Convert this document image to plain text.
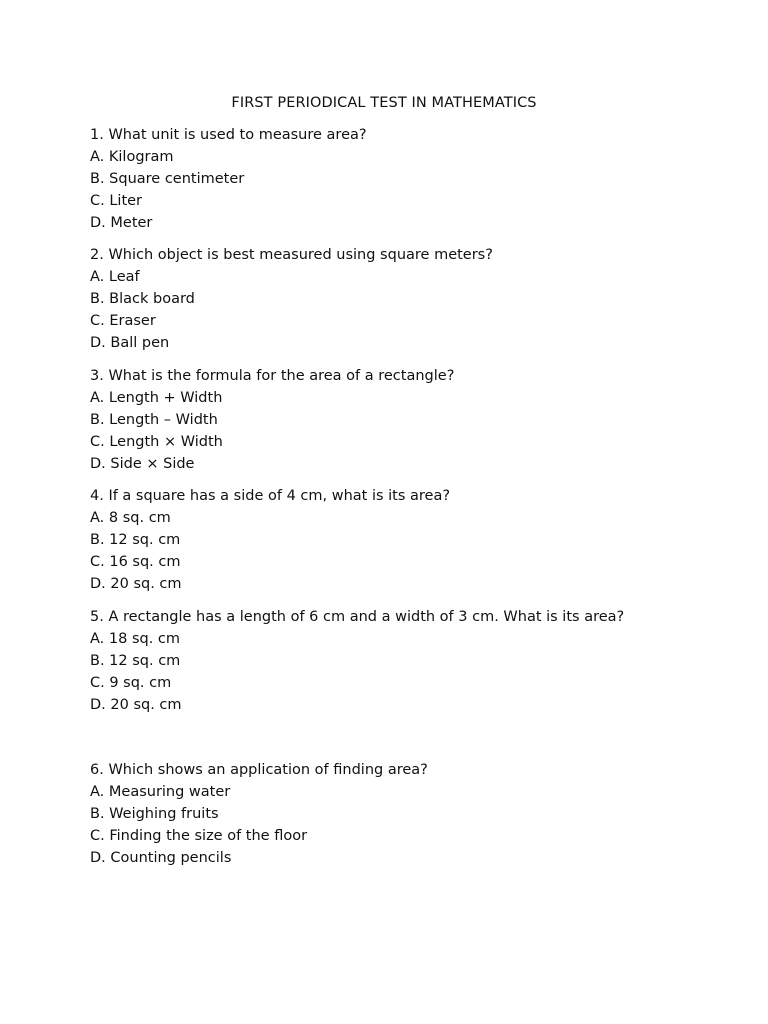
FIRST PERIODICAL TEST IN MATHEMATICS
1. What unit is used to measure area?
A. Kilogram
B. Square centimeter
C. Liter
D. Meter
2. Which object is best measured using square meters?
A. Leaf
B. Black board
C. Eraser
D. Ball pen
3. What is the formula for the area of a rectangle?
A. Length + Width
B. Length – Width
C. Length × Width
D. Side × Side
4. If a square has a side of 4 cm, what is its area?
A. 8 sq. cm
B. 12 sq. cm
C. 16 sq. cm
D. 20 sq. cm
5. A rectangle has a length of 6 cm and a width of 3 cm. What is its area?
A. 18 sq. cm
B. 12 sq. cm
C. 9 sq. cm
D. 20 sq. cm
6. Which shows an application of finding area?
A. Measuring water
B. Weighing fruits
C. Finding the size of the floor
D. Counting pencils
